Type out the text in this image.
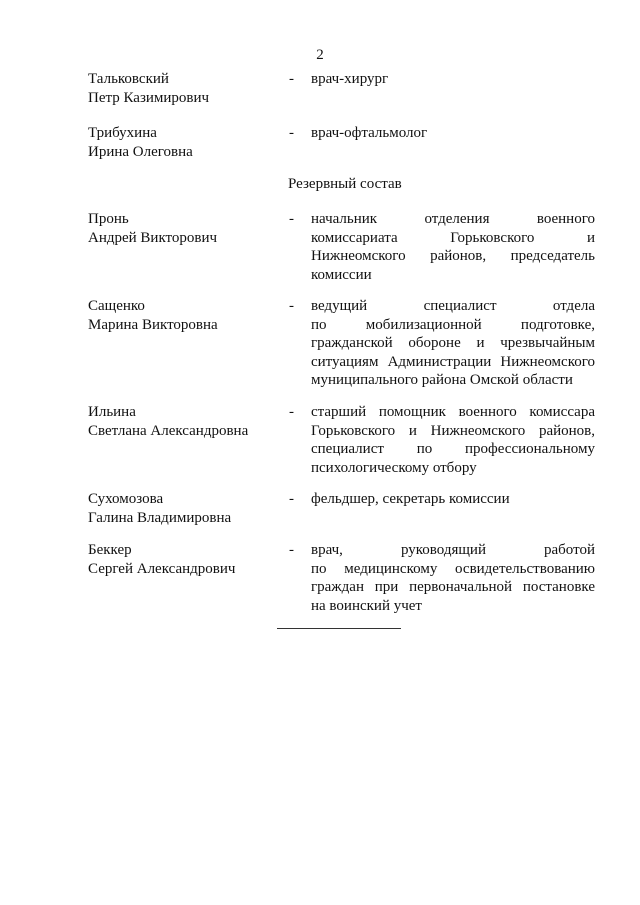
2
Тальковский
Петр Казимирович
- врач-хирург
Трибухина
Ирина Олеговна
- врач-офтальмолог
Резервный состав
Пронь
Андрей Викторович
- начальник отделения военного
комиссариата Горьковского и
Нижнеомского районов, председатель
комиссии
Сащенко
Марина Викторовна
- ведущий специалист отдела
по мобилизационной подготовке,
гражданской обороне и чрезвычайным
ситуациям Администрации Нижнеомского
муниципального района Омской области
Ильина
Светлана Александровна
- старший помощник военного комиссара
Горьковского и Нижнеомского районов,
специалист по профессиональному
психологическому отбору
Сухомозова
Галина Владимировна
- фельдшер, секретарь комиссии
Беккер
Сергей Александрович
- врач, руководящий работой
по медицинскому освидетельствованию
граждан при первоначальной постановке
на воинский учет
